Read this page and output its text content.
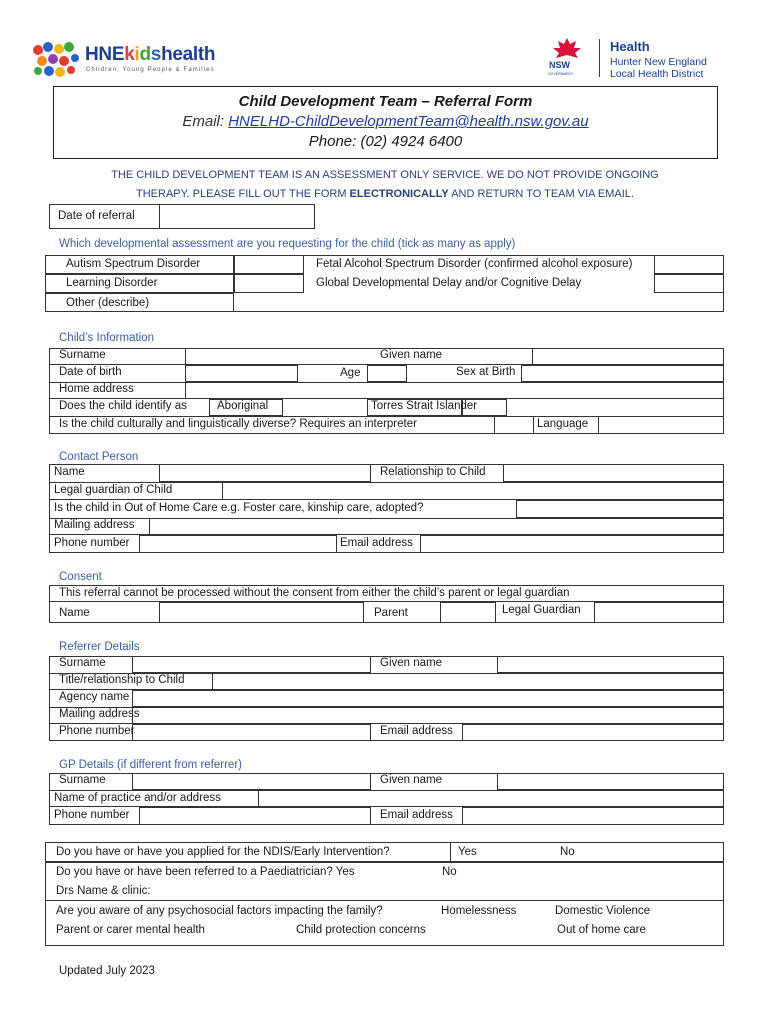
HNEkidshealth
Children, Young People & Families	NSW
GOVERNMENT
Health
Hunter New England
Local Health District
Child Development Team – Referral Form
Email: HNELHD-ChildDevelopmentTeam@health.nsw.gov.au
Phone: (02) 4924 6400
THE CHILD DEVELOPMENT TEAM IS AN ASSESSMENT ONLY SERVICE. WE DO NOT PROVIDE ONGOING
THERAPY. PLEASE FILL OUT THE FORM ELECTRONICALLY AND RETURN TO TEAM VIA EMAIL.
Date of referral
Which developmental assessment are you requesting for the child (tick as many as apply)
Autism Spectrum Disorder	Fetal Alcohol Spectrum Disorder (confirmed alcohol exposure)
Learning Disorder	Global Developmental Delay and/or Cognitive Delay
Other (describe)
Child’s Information
Surname	Given name
Date of birth	Age	Sex at Birth
Home address
Does the child identify as	Aboriginal	Torres Strait Islander
Is the child culturally and linguistically diverse? Requires an interpreter	Language
Contact Person
Name	Relationship to Child
Legal guardian of Child
Is the child in Out of Home Care e.g. Foster care, kinship care, adopted?
Mailing address
Phone number	Email address
Consent
This referral cannot be processed without the consent from either the child’s parent or legal guardian
Name	Parent	Legal Guardian
Referrer Details
Surname	Given name
Title/relationship to Child
Agency name
Mailing address
Phone number	Email address
GP Details (if different from referrer)
Surname	Given name
Name of practice and/or address
Phone number	Email address
Do you have or have you applied for the NDIS/Early Intervention?	Yes	No
Do you have or have been referred to a Paediatrician? Yes	No
Drs Name & clinic:
Are you aware of any psychosocial factors impacting the family?	Homelessness	Domestic Violence
Parent or carer mental health	Child protection concerns	Out of home care
Updated July 2023
